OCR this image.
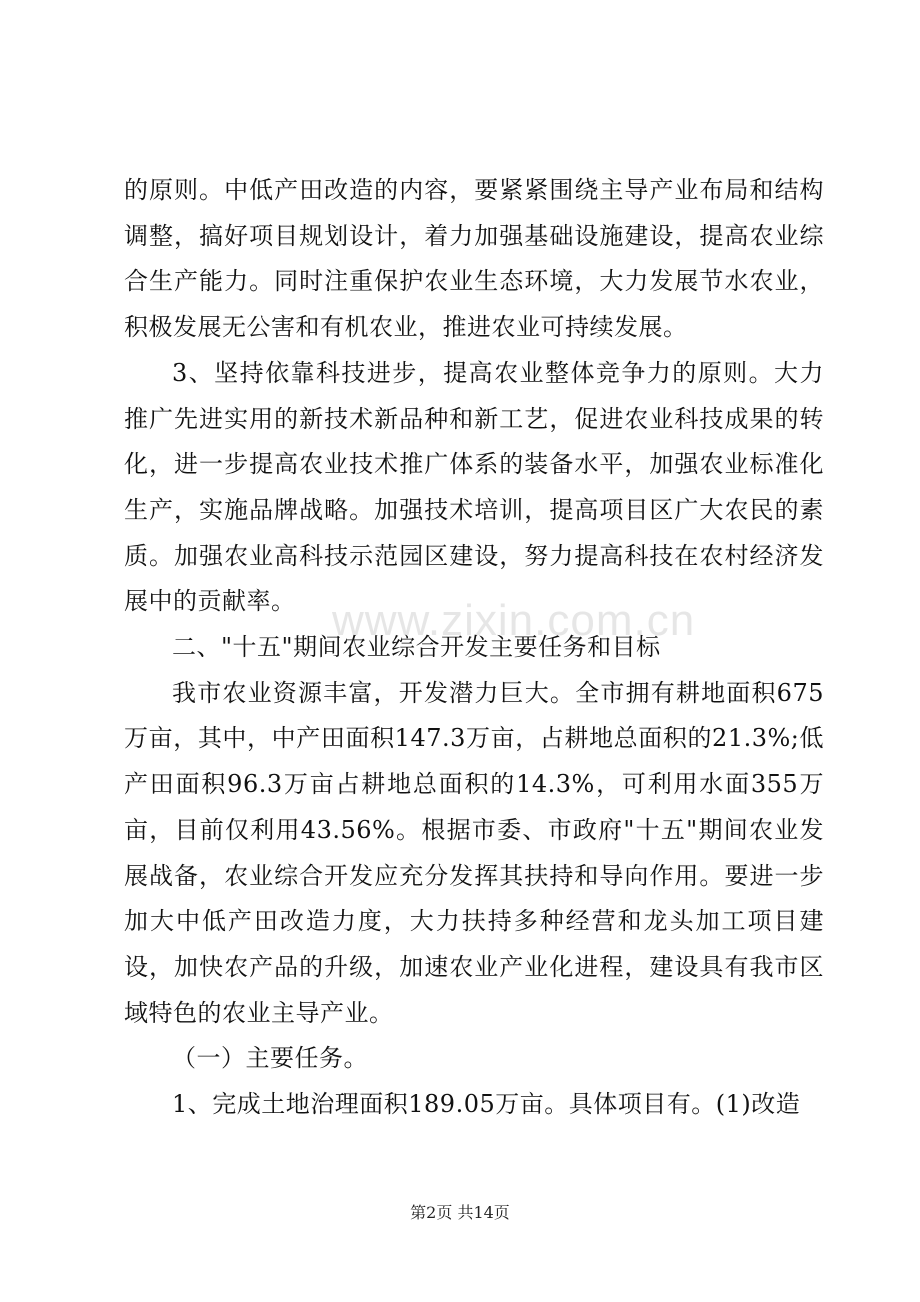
的原则。中低产田改造的内容，要紧紧围绕主导产业布局和结构调整，搞好项目规划设计，着力加强基础设施建设，提高农业综合生产能力。同时注重保护农业生态环境，大力发展节水农业，积极发展无公害和有机农业，推进农业可持续发展。

3、坚持依靠科技进步，提高农业整体竞争力的原则。大力推广先进实用的新技术新品种和新工艺，促进农业科技成果的转化，进一步提高农业技术推广体系的装备水平，加强农业标准化生产，实施品牌战略。加强技术培训，提高项目区广大农民的素质。加强农业高科技示范园区建设，努力提高科技在农村经济发展中的贡献率。

二、"十五"期间农业综合开发主要任务和目标

我市农业资源丰富，开发潜力巨大。全市拥有耕地面积675万亩，其中，中产田面积147.3万亩，占耕地总面积的21.3%;低产田面积96.3万亩占耕地总面积的14.3%，可利用水面355万亩，目前仅利用43.56%。根据市委、市政府"十五"期间农业发展战备，农业综合开发应充分发挥其扶持和导向作用。要进一步加大中低产田改造力度，大力扶持多种经营和龙头加工项目建设，加快农产品的升级，加速农业产业化进程，建设具有我市区域特色的农业主导产业。

（一）主要任务。

1、完成土地治理面积189.05万亩。具体项目有。(1)改造

www.zixin.com.cn
第2页 共14页
